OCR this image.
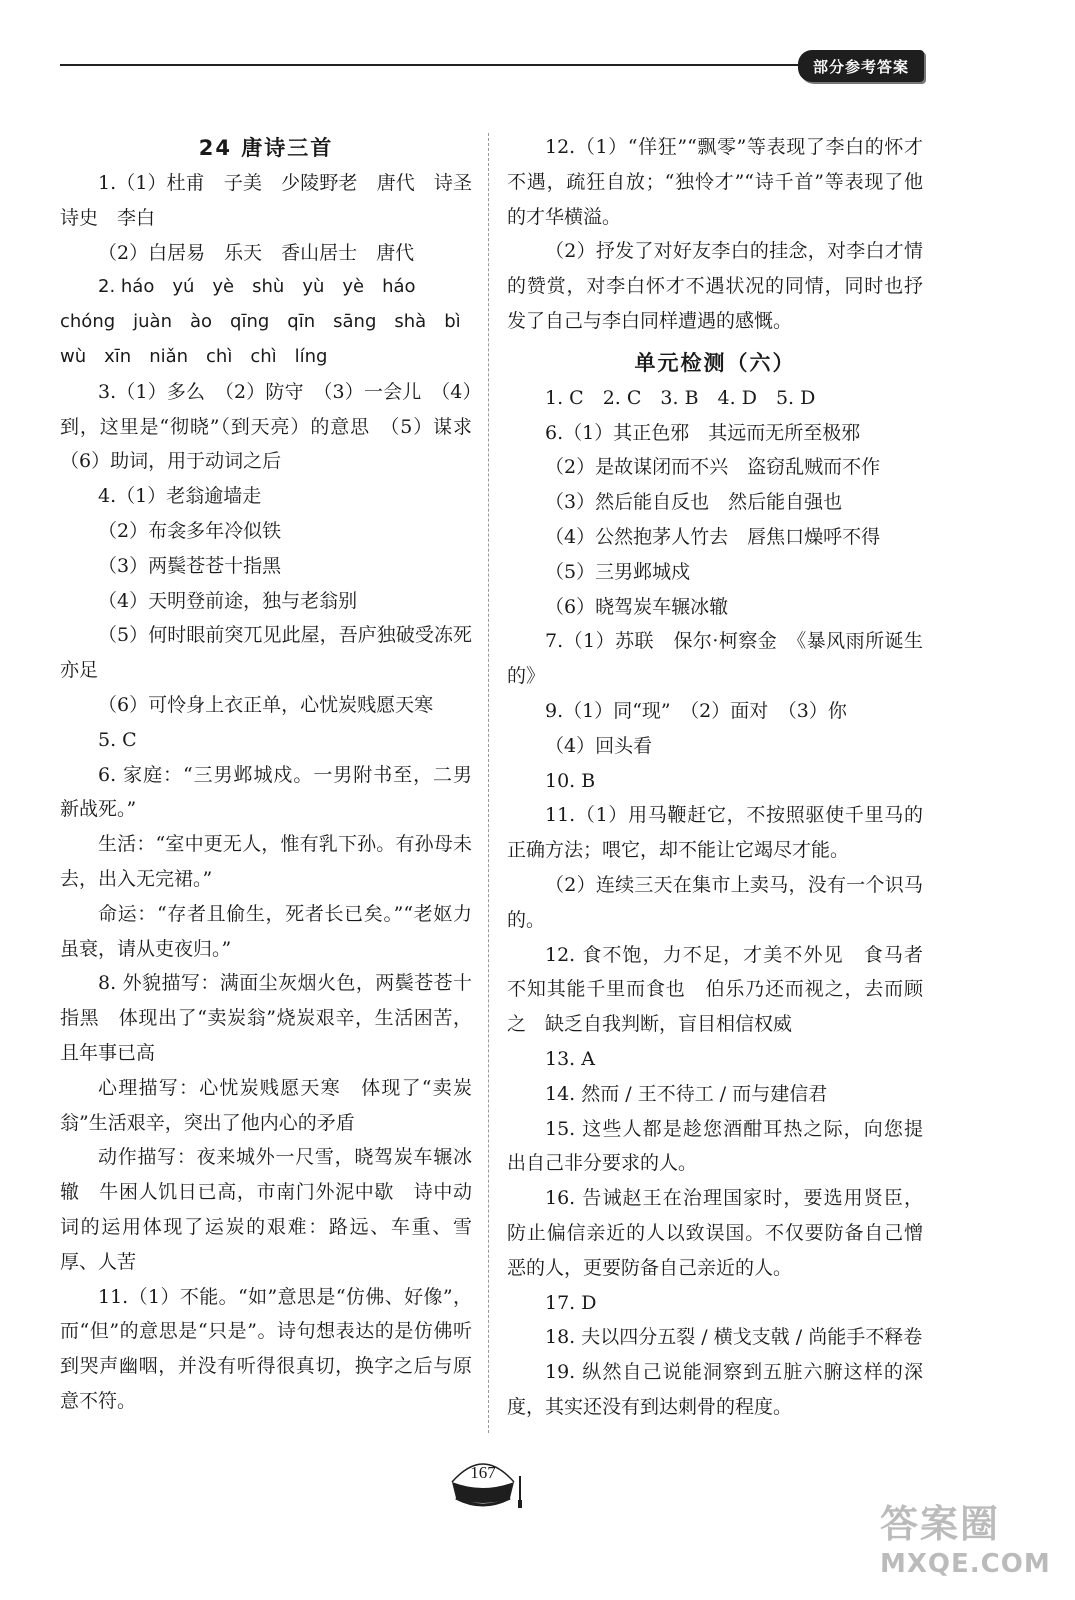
部分参考答案
24 唐诗三首

1.（1）杜甫　子美　少陵野老　唐代　诗圣　诗史　李白

（2）白居易　乐天　香山居士　唐代

2. háo　yú　yè　shù　yù　yè　háo

chóng　juàn　ào　qīng　qīn　sāng　shà　bì

wù　xīn　niǎn　chì　chì　líng

3.（1）多么　（2）防守　（3）一会儿　（4）到，这里是“彻晓”（到天亮）的意思　（5）谋求　（6）助词，用于动词之后

4.（1）老翁逾墙走

（2）布衾多年冷似铁

（3）两鬓苍苍十指黑

（4）天明登前途，独与老翁别

（5）何时眼前突兀见此屋，吾庐独破受冻死亦足

（6）可怜身上衣正单，心忧炭贱愿天寒

5. C

6. 家庭：“三男邺城戍。一男附书至，二男新战死。”

生活：“室中更无人，惟有乳下孙。有孙母未去，出入无完裙。”

命运：“存者且偷生，死者长已矣。”“老妪力虽衰，请从吏夜归。”

8. 外貌描写：满面尘灰烟火色，两鬓苍苍十指黑　体现出了“卖炭翁”烧炭艰辛，生活困苦，且年事已高

心理描写：心忧炭贱愿天寒　体现了“卖炭翁”生活艰辛，突出了他内心的矛盾

动作描写：夜来城外一尺雪，晓驾炭车辗冰辙　牛困人饥日已高，市南门外泥中歇　诗中动词的运用体现了运炭的艰难：路远、车重、雪厚、人苦

11.（1）不能。“如”意思是“仿佛、好像”，而“但”的意思是“只是”。诗句想表达的是仿佛听到哭声幽咽，并没有听得很真切，换字之后与原意不符。

12.（1）“佯狂”“飘零”等表现了李白的怀才不遇，疏狂自放；“独怜才”“诗千首”等表现了他的才华横溢。

（2）抒发了对好友李白的挂念，对李白才情的赞赏，对李白怀才不遇状况的同情，同时也抒发了自己与李白同样遭遇的感慨。

单元检测（六）

1. C　2. C　3. B　4. D　5. D

6.（1）其正色邪　其远而无所至极邪

（2）是故谋闭而不兴　盗窃乱贼而不作

（3）然后能自反也　然后能自强也

（4）公然抱茅人竹去　唇焦口燥呼不得

（5）三男邺城戍

（6）晓驾炭车辗冰辙

7.（1）苏联　保尔·柯察金　《暴风雨所诞生的》

9.（1）同“现”　（2）面对　（3）你

（4）回头看

10. B

11.（1）用马鞭赶它，不按照驱使千里马的正确方法；喂它，却不能让它竭尽才能。

（2）连续三天在集市上卖马，没有一个识马的。

12. 食不饱，力不足，才美不外见　食马者不知其能千里而食也　伯乐乃还而视之，去而顾之　缺乏自我判断，盲目相信权威

13. A

14. 然而 / 王不待工 / 而与建信君

15. 这些人都是趁您酒酣耳热之际，向您提出自己非分要求的人。

16. 告诫赵王在治理国家时，要选用贤臣，防止偏信亲近的人以致误国。不仅要防备自己憎恶的人，更要防备自己亲近的人。

17. D

18. 夫以四分五裂 / 横戈支戟 / 尚能手不释卷

19. 纵然自己说能洞察到五脏六腑这样的深度，其实还没有到达刺骨的程度。

167
答案圈
MXQE.COM
